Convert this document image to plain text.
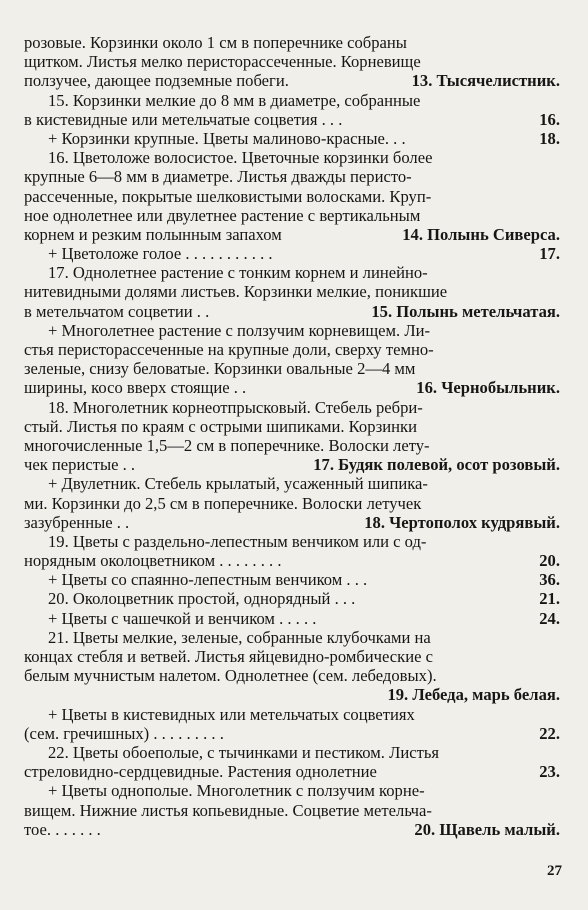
розовые. Корзинки около 1 см в поперечнике собраны
щитком. Листья мелко перисторассеченные. Корневище
ползучее, дающее подземные побеги.	13. Тысячелистник.
15. Корзинки мелкие до 8 мм в диаметре, собранные
в кистевидные или метельчатые соцветия . . .	16.
+ Корзинки крупные. Цветы малиново-красные. . .	18.
16. Цветоложе волосистое. Цветочные корзинки более
крупные 6—8 мм в диаметре. Листья дважды перисто-
рассеченные, покрытые шелковистыми волосками. Круп-
ное однолетнее или двулетнее растение с вертикальным
корнем и резким полынным запахом	14. Полынь Сиверса.
+ Цветоложе голое . . . . . . . . . . .	17.
17. Однолетнее растение с тонким корнем и линейно-
нитевидными долями листьев. Корзинки мелкие, поникшие
в метельчатом соцветии . .	15. Полынь метельчатая.
+ Многолетнее растение с ползучим корневищем. Ли-
стья перисторассеченные на крупные доли, сверху темно-
зеленые, снизу беловатые. Корзинки овальные 2—4 мм
ширины, косо вверх стоящие . .	16. Чернобыльник.
18. Многолетник корнеотпрысковый. Стебель ребри-
стый. Листья по краям с острыми шипиками. Корзинки
многочисленные 1,5—2 см в поперечнике. Волоски лету-
чек перистые . .	17. Будяк полевой, осот розовый.
+ Двулетник. Стебель крылатый, усаженный шипика-
ми. Корзинки до 2,5 см в поперечнике. Волоски летучек
зазубренные . .	18. Чертополох кудрявый.
19. Цветы с раздельно-лепестным венчиком или с од-
норядным околоцветником . . . . . . . .	20.
+ Цветы со спаянно-лепестным венчиком . . .	36.
20. Околоцветник простой, однорядный . . .	21.
+ Цветы с чашечкой и венчиком . . . . .	24.
21. Цветы мелкие, зеленые, собранные клубочками на
концах стебля и ветвей. Листья яйцевидно-ромбические с
белым мучнистым налетом. Однолетнее (сем. лебедовых).
19. Лебеда, марь белая.
+ Цветы в кистевидных или метельчатых соцветиях
(сем. гречишных) . . . . . . . . .	22.
22. Цветы обоеполые, с тычинками и пестиком. Листья
стреловидно-сердцевидные. Растения однолетние	23.
+ Цветы однополые. Многолетник с ползучим корне-
вищем. Нижние листья копьевидные. Соцветие метельча-
тое. . . . . . .	20. Щавель малый.
27
